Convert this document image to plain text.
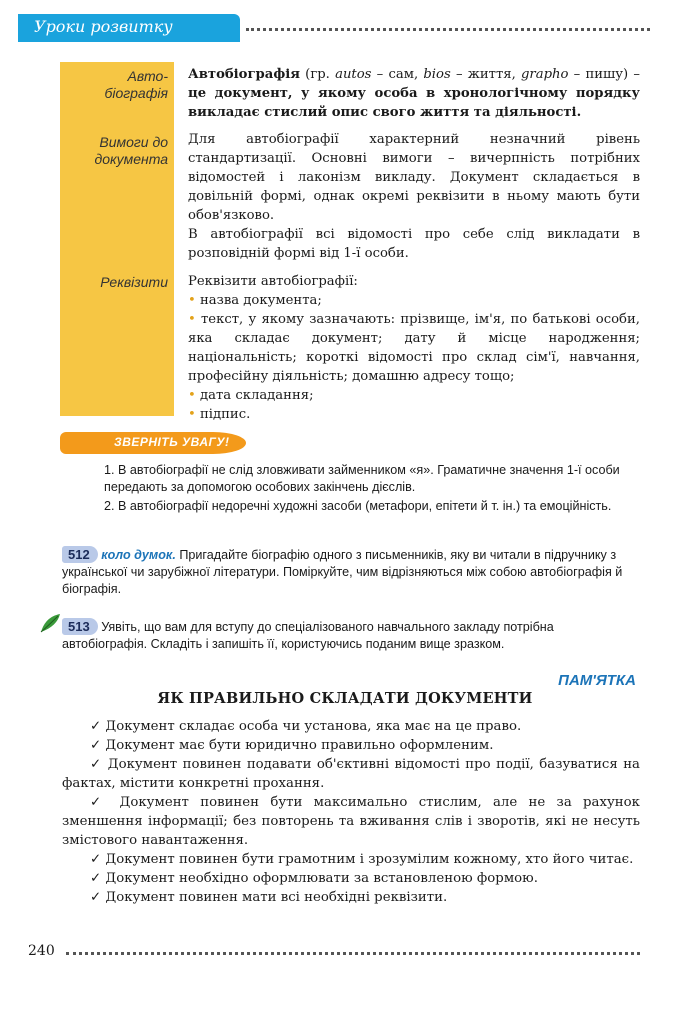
Уроки розвитку мовлення
Авто-
біографія
Вимоги до
документа
Реквізити
Автобіографія (гр. autos – сам, bios – життя, grapho – пишу) – це документ, у якому особа в хронологічному порядку викладає стислий опис свого життя та діяльності.
Для автобіографії характерний незначний рівень стандартизації. Основні вимоги – вичерпність потрібних відомостей і лаконізм викладу. Документ складається в довільній формі, однак окремі реквізити в ньому мають бути обов'язково.
В автобіографії всі відомості про себе слід викладати в розповідній формі від 1-ї особи.
Реквізити автобіографії:
• назва документа;
• текст, у якому зазначають: прізвище, ім'я, по батькові особи, яка складає документ; дату й місце народження; національність; короткі відомості про склад сім'ї, навчання, професійну діяльність; домашню адресу тощо;
• дата складання;
• підпис.
ЗВЕРНІТЬ УВАГУ!

1. В автобіографії не слід зловживати займенником «я». Граматичне значення 1-ї особи передають за допомогою особових закінчень дієслів.

2. В автобіографії недоречні художні засоби (метафори, епітети й т. ін.) та емоційність.

512 коло думок. Пригадайте біографію одного з письменників, яку ви читали в підручнику з української чи зарубіжної літератури. Поміркуйте, чим відрізняються між собою автобіографія й біографія.
513 Уявіть, що вам для вступу до спеціалізованого навчального закладу потрібна автобіографія. Складіть і запишіть її, користуючись поданим вище зразком.
ПАМ'ЯТКА
ЯК ПРАВИЛЬНО СКЛАДАТИ ДОКУМЕНТИ

✓ Документ складає особа чи установа, яка має на це право.

✓ Документ має бути юридично правильно оформленим.

✓ Документ повинен подавати об'єктивні відомості про події, базуватися на фактах, містити конкретні прохання.

✓ Документ повинен бути максимально стислим, але не за рахунок зменшення інформації; без повторень та вживання слів і зворотів, які не несуть змістового навантаження.

✓ Документ повинен бути грамотним і зрозумілим кожному, хто його читає.

✓ Документ необхідно оформлювати за встановленою формою.

✓ Документ повинен мати всі необхідні реквізити.

240
